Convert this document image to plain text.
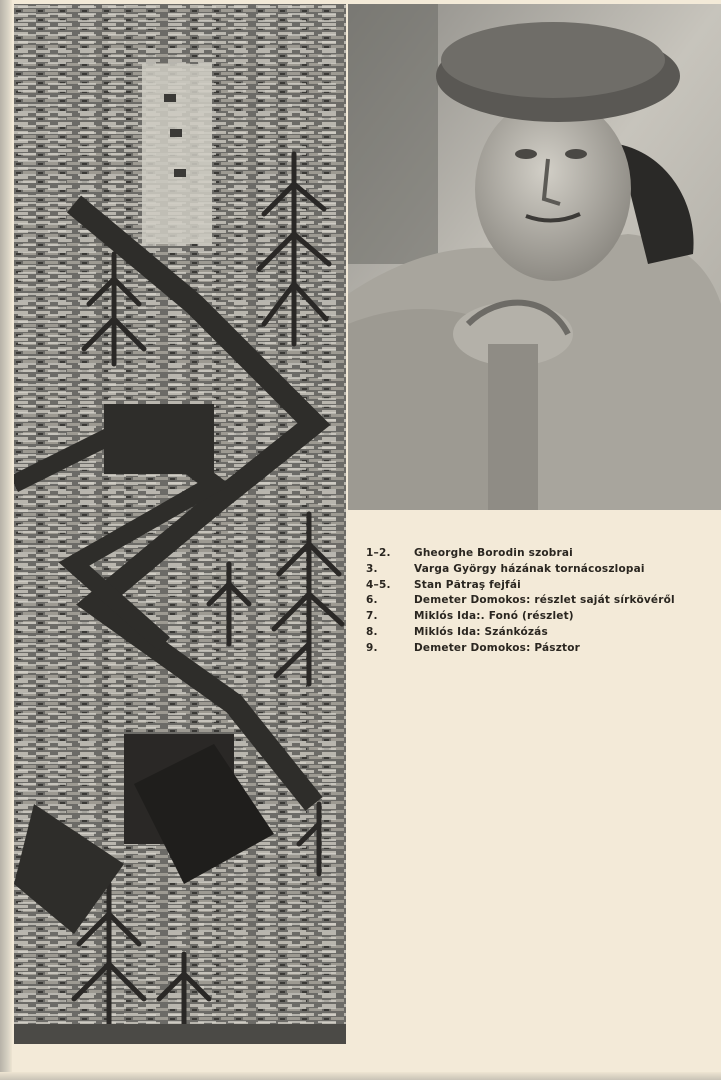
1–2.	Gheorghe Borodin szobrai
3.	Varga György házának tornácoszlopai
4–5.	Stan Pătraş fejfái
6.	Demeter Domokos: részlet saját sírkövéről
7.	Miklós Ida:. Fonó (részlet)
8.	Miklós Ida: Szánkózás
9.	Demeter Domokos: Pásztor
